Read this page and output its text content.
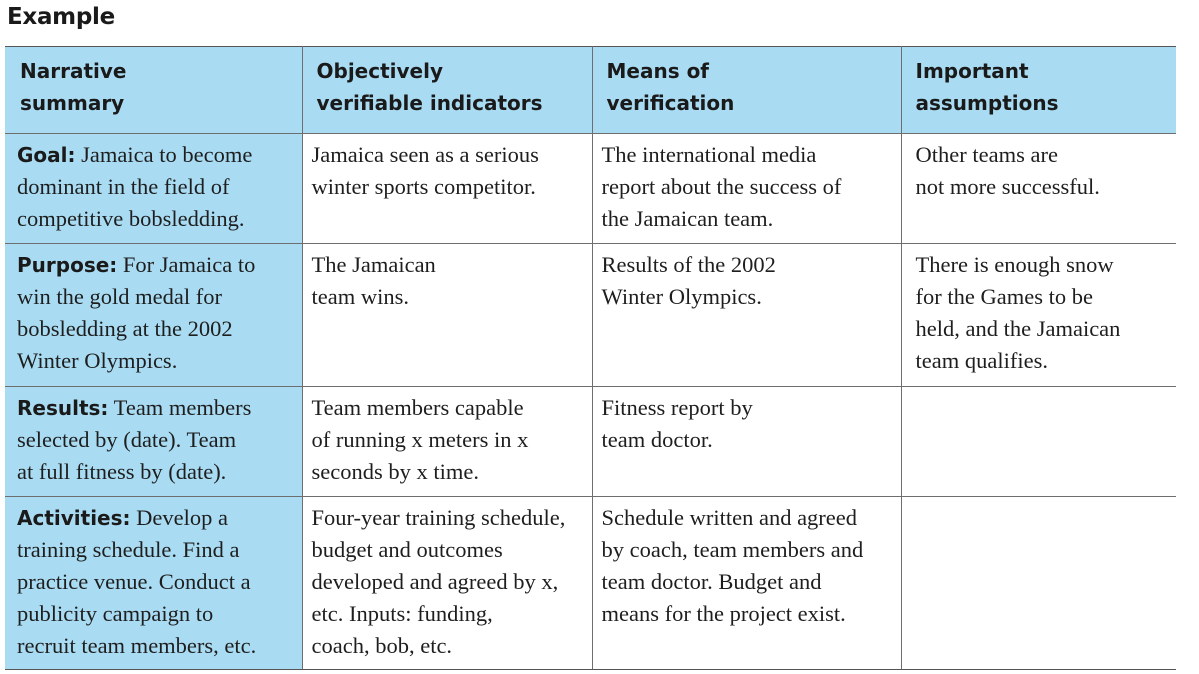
Example
Narrative
summary	Objectively
verifiable indicators	Means of
verification	Important
assumptions
Goal: Jamaica to become
dominant in the field of
competitive bobsledding.	Jamaica seen as a serious
winter sports competitor.	The international media
report about the success of
the Jamaican team.	Other teams are
not more successful.
Purpose: For Jamaica to
win the gold medal for
bobsledding at the 2002
Winter Olympics.	The Jamaican
team wins.	Results of the 2002
Winter Olympics.	There is enough snow
for the Games to be
held, and the Jamaican
team qualifies.
Results: Team members
selected by (date). Team
at full fitness by (date).	Team members capable
of running x meters in x
seconds by x time.	Fitness report by
team doctor.	
Activities: Develop a
training schedule. Find a
practice venue. Conduct a
publicity campaign to
recruit team members, etc.	Four-year training schedule,
budget and outcomes
developed and agreed by x,
etc. Inputs: funding,
coach, bob, etc.	Schedule written and agreed
by coach, team members and
team doctor. Budget and
means for the project exist.	
